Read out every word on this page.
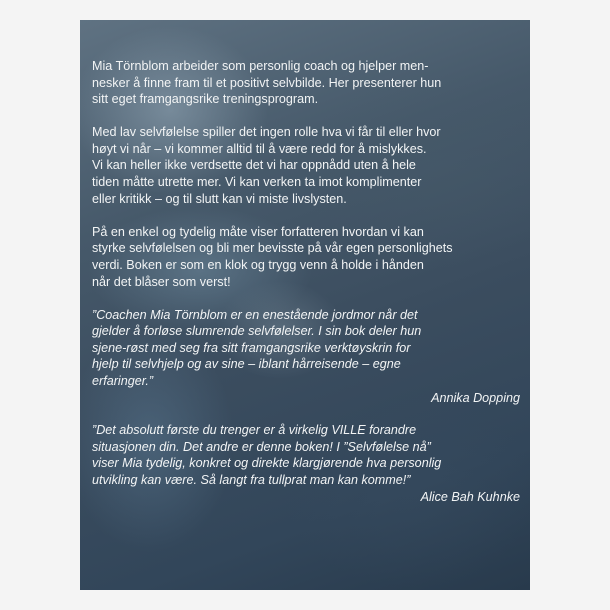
Mia Törnblom arbeider som personlig coach og hjelper men-
nesker å finne fram til et positivt selvbilde. Her presenterer hun
sitt eget framgangsrike treningsprogram.

Med lav selvfølelse spiller det ingen rolle hva vi får til eller hvor
høyt vi når – vi kommer alltid til å være redd for å mislykkes.
Vi kan heller ikke verdsette det vi har oppnådd uten å hele
tiden måtte utrette mer. Vi kan verken ta imot komplimenter
eller kritikk – og til slutt kan vi miste livslysten.

På en enkel og tydelig måte viser forfatteren hvordan vi kan
styrke selvfølelsen og bli mer bevisste på vår egen personlighets
verdi. Boken er som en klok og trygg venn å holde i hånden
når det blåser som verst!

”Coachen Mia Törnblom er en enestående jordmor når det
gjelder å forløse slumrende selvfølelser. I sin bok deler hun
sjene-røst med seg fra sitt framgangsrike verktøyskrin for
hjelp til selvhjelp og av sine – iblant hårreisende – egne
erfaringer.”

Annika Dopping

”Det absolutt første du trenger er å virkelig VILLE forandre
situasjonen din. Det andre er denne boken! I ”Selvfølelse nå”
viser Mia tydelig, konkret og direkte klargjørende hva personlig
utvikling kan være. Så langt fra tullprat man kan komme!”

Alice Bah Kuhnke
